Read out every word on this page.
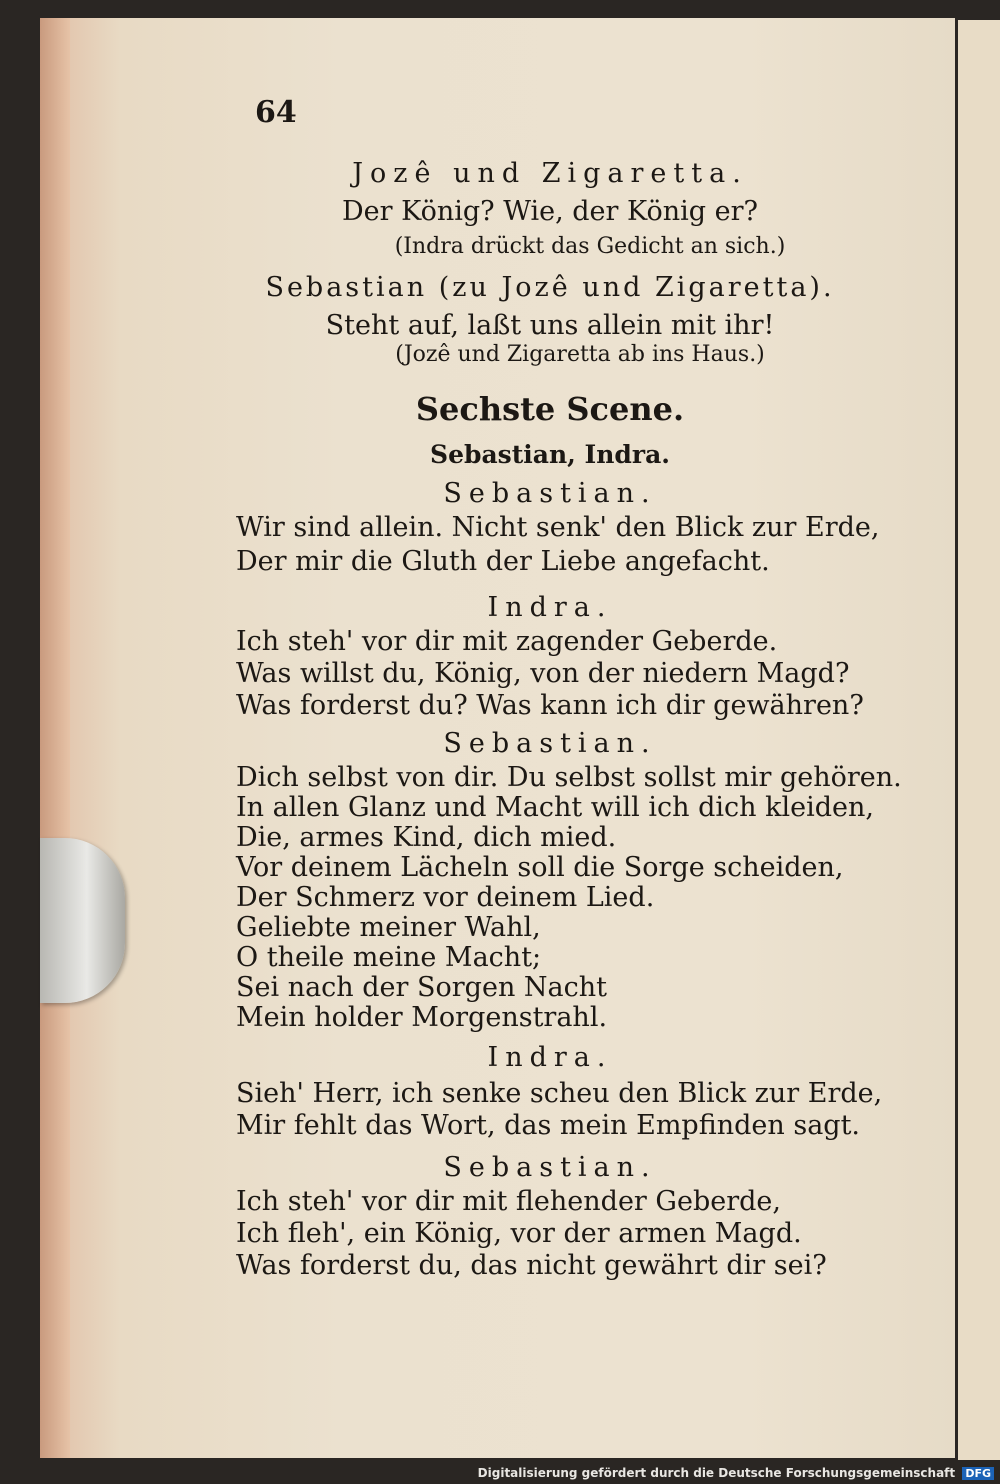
64
Jozê und Zigaretta.
Der König? Wie, der König er?
(Indra drückt das Gedicht an sich.)
Sebastian (zu Jozê und Zigaretta).
Steht auf, laßt uns allein mit ihr!
(Jozê und Zigaretta ab ins Haus.)
Sechste Scene.
Sebastian, Indra.
Sebastian.
Wir sind allein. Nicht senk' den Blick zur Erde,
Der mir die Gluth der Liebe angefacht.
Indra.
Ich steh' vor dir mit zagender Geberde.
Was willst du, König, von der niedern Magd?
Was forderst du? Was kann ich dir gewähren?
Sebastian.
Dich selbst von dir. Du selbst sollst mir gehören.
In allen Glanz und Macht will ich dich kleiden,
Die, armes Kind, dich mied.
Vor deinem Lächeln soll die Sorge scheiden,
Der Schmerz vor deinem Lied.
Geliebte meiner Wahl,
O theile meine Macht;
Sei nach der Sorgen Nacht
Mein holder Morgenstrahl.
Indra.
Sieh' Herr, ich senke scheu den Blick zur Erde,
Mir fehlt das Wort, das mein Empfinden sagt.
Sebastian.
Ich steh' vor dir mit flehender Geberde,
Ich fleh', ein König, vor der armen Magd.
Was forderst du, das nicht gewährt dir sei?
Digitalisierung gefördert durch die Deutsche Forschungsgemeinschaft DFG
